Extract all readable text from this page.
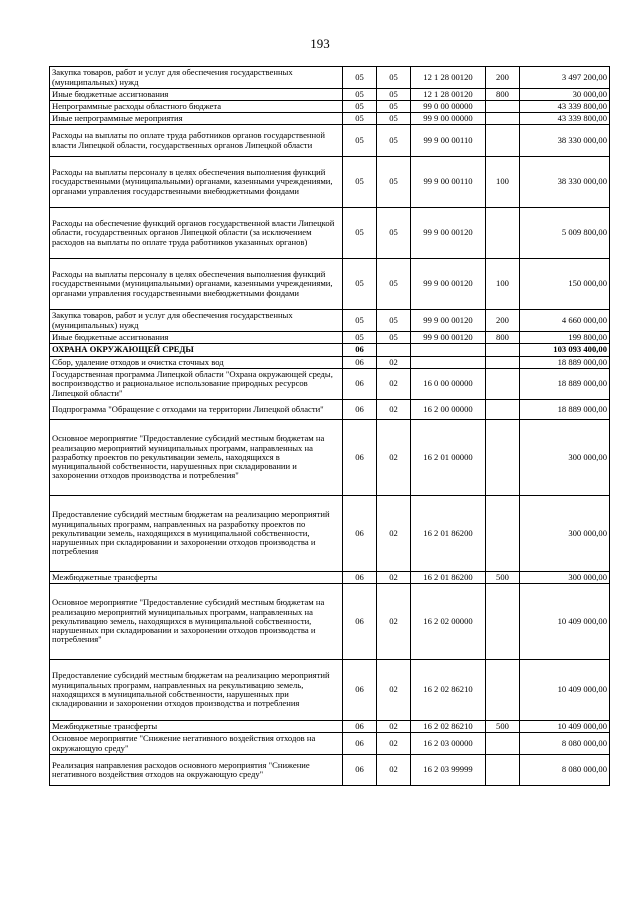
193
Закупка товаров, работ и услуг для обеспечения государственных (муниципальных) нужд	05	05	12 1 28 00120	200	3 497 200,00
Иные бюджетные ассигнования	05	05	12 1 28 00120	800	30 000,00
Непрограммные расходы областного бюджета	05	05	99 0 00 00000		43 339 800,00
Иные непрограммные мероприятия	05	05	99 9 00 00000		43 339 800,00
Расходы на выплаты по оплате труда работников органов государственной власти Липецкой области, государственных органов Липецкой области	05	05	99 9 00 00110		38 330 000,00
Расходы на выплаты персоналу в целях обеспечения выполнения функций государственными (муниципальными) органами, казенными учреждениями, органами управления государственными внебюджетными фондами	05	05	99 9 00 00110	100	38 330 000,00
Расходы на обеспечение функций органов государственной власти Липецкой области, государственных органов Липецкой области (за исключением расходов на выплаты по оплате труда работников указанных органов)	05	05	99 9 00 00120		5 009 800,00
Расходы на выплаты персоналу в целях обеспечения выполнения функций государственными (муниципальными) органами, казенными учреждениями, органами управления государственными внебюджетными фондами	05	05	99 9 00 00120	100	150 000,00
Закупка товаров, работ и услуг для обеспечения государственных (муниципальных) нужд	05	05	99 9 00 00120	200	4 660 000,00
Иные бюджетные ассигнования	05	05	99 9 00 00120	800	199 800,00
ОХРАНА ОКРУЖАЮЩЕЙ СРЕДЫ	06				103 093 400,00
Сбор, удаление отходов и очистка сточных вод	06	02			18 889 000,00
Государственная программа Липецкой области "Охрана окружающей среды, воспроизводство и рациональное использование природных ресурсов Липецкой области"	06	02	16 0 00 00000		18 889 000,00
Подпрограмма "Обращение с отходами на территории Липецкой области"	06	02	16 2 00 00000		18 889 000,00
Основное мероприятие "Предоставление субсидий местным бюджетам на реализацию мероприятий муниципальных программ, направленных на разработку проектов по рекультивации земель, находящихся в муниципальной собственности, нарушенных при складировании и захоронении отходов производства и потребления"	06	02	16 2 01 00000		300 000,00
Предоставление субсидий местным бюджетам на реализацию мероприятий муниципальных программ, направленных на разработку проектов по рекультивации земель, находящихся в муниципальной собственности, нарушенных при складировании и захоронении отходов производства и потребления	06	02	16 2 01 86200		300 000,00
Межбюджетные трансферты	06	02	16 2 01 86200	500	300 000,00
Основное мероприятие "Предоставление субсидий местным бюджетам на реализацию мероприятий муниципальных программ, направленных на рекультивацию земель, находящихся в муниципальной собственности, нарушенных при складировании и захоронении отходов производства и потребления"	06	02	16 2 02 00000		10 409 000,00
Предоставление субсидий местным бюджетам на реализацию мероприятий муниципальных программ, направленных на рекультивацию земель, находящихся в муниципальной собственности, нарушенных при складировании и захоронении отходов производства и потребления	06	02	16 2 02 86210		10 409 000,00
Межбюджетные трансферты	06	02	16 2 02 86210	500	10 409 000,00
Основное мероприятие "Снижение негативного воздействия отходов на окружающую среду"	06	02	16 2 03 00000		8 080 000,00
Реализация направления расходов основного мероприятия "Снижение негативного воздействия отходов на окружающую среду"	06	02	16 2 03 99999		8 080 000,00
